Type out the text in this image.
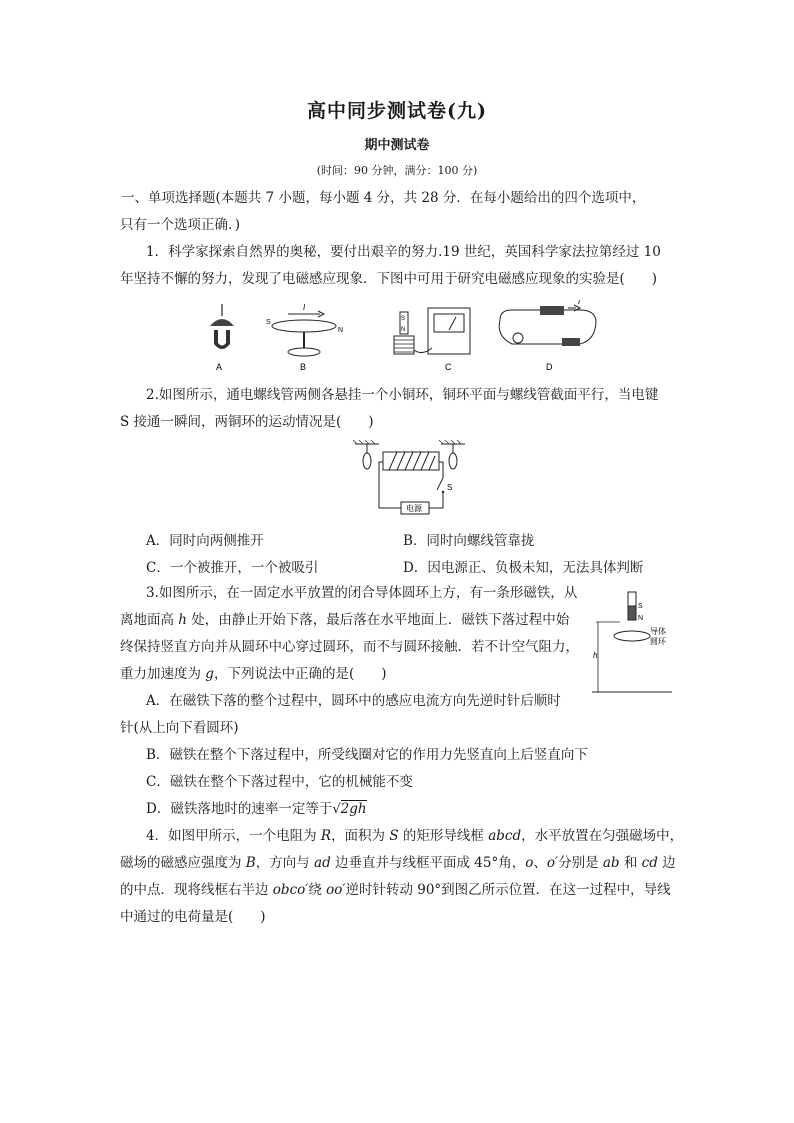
高中同步测试卷(九)
期中测试卷
(时间：90 分钟，满分：100 分)
一、单项选择题(本题共 7 小题，每小题 4 分，共 28 分．在每小题给出的四个选项中，
只有一个选项正确．)
1．科学家探索自然界的奥秘，要付出艰辛的努力.19 世纪，英国科学家法拉第经过 10
年坚持不懈的努力，发现了电磁感应现象．下图中可用于研究电磁感应现象的实验是(　　)
A
I
S
N
B
S
N
C
I
D
2.如图所示，通电螺线管两侧各悬挂一个小铜环，铜环平面与螺线管截面平行，当电键
S 接通一瞬间，两铜环的运动情况是(　　)
S
电源
A．同时向两侧推开	B．同时向螺线管靠拢
C．一个被推开，一个被吸引	D．因电源正、负极未知，无法具体判断
3.如图所示，在一固定水平放置的闭合导体圆环上方，有一条形磁铁，从
离地面高 h 处，由静止开始下落，最后落在水平地面上．磁铁下落过程中始
终保持竖直方向并从圆环中心穿过圆环，而不与圆环接触．若不计空气阻力，
重力加速度为 g，下列说法中正确的是(　　)
S
N
导体
圆环
h
A．在磁铁下落的整个过程中，圆环中的感应电流方向先逆时针后顺时
针(从上向下看圆环)
B．磁铁在整个下落过程中，所受线圈对它的作用力先竖直向上后竖直向下
C．磁铁在整个下落过程中，它的机械能不变
D．磁铁落地时的速率一定等于√2gh
4．如图甲所示，一个电阻为 R，面积为 S 的矩形导线框 abcd，水平放置在匀强磁场中，
磁场的磁感应强度为 B，方向与 ad 边垂直并与线框平面成 45°角，o、o′分别是 ab 和 cd 边
的中点．现将线框右半边 obco′绕 oo′逆时针转动 90°到图乙所示位置．在这一过程中，导线
中通过的电荷量是(　　)
